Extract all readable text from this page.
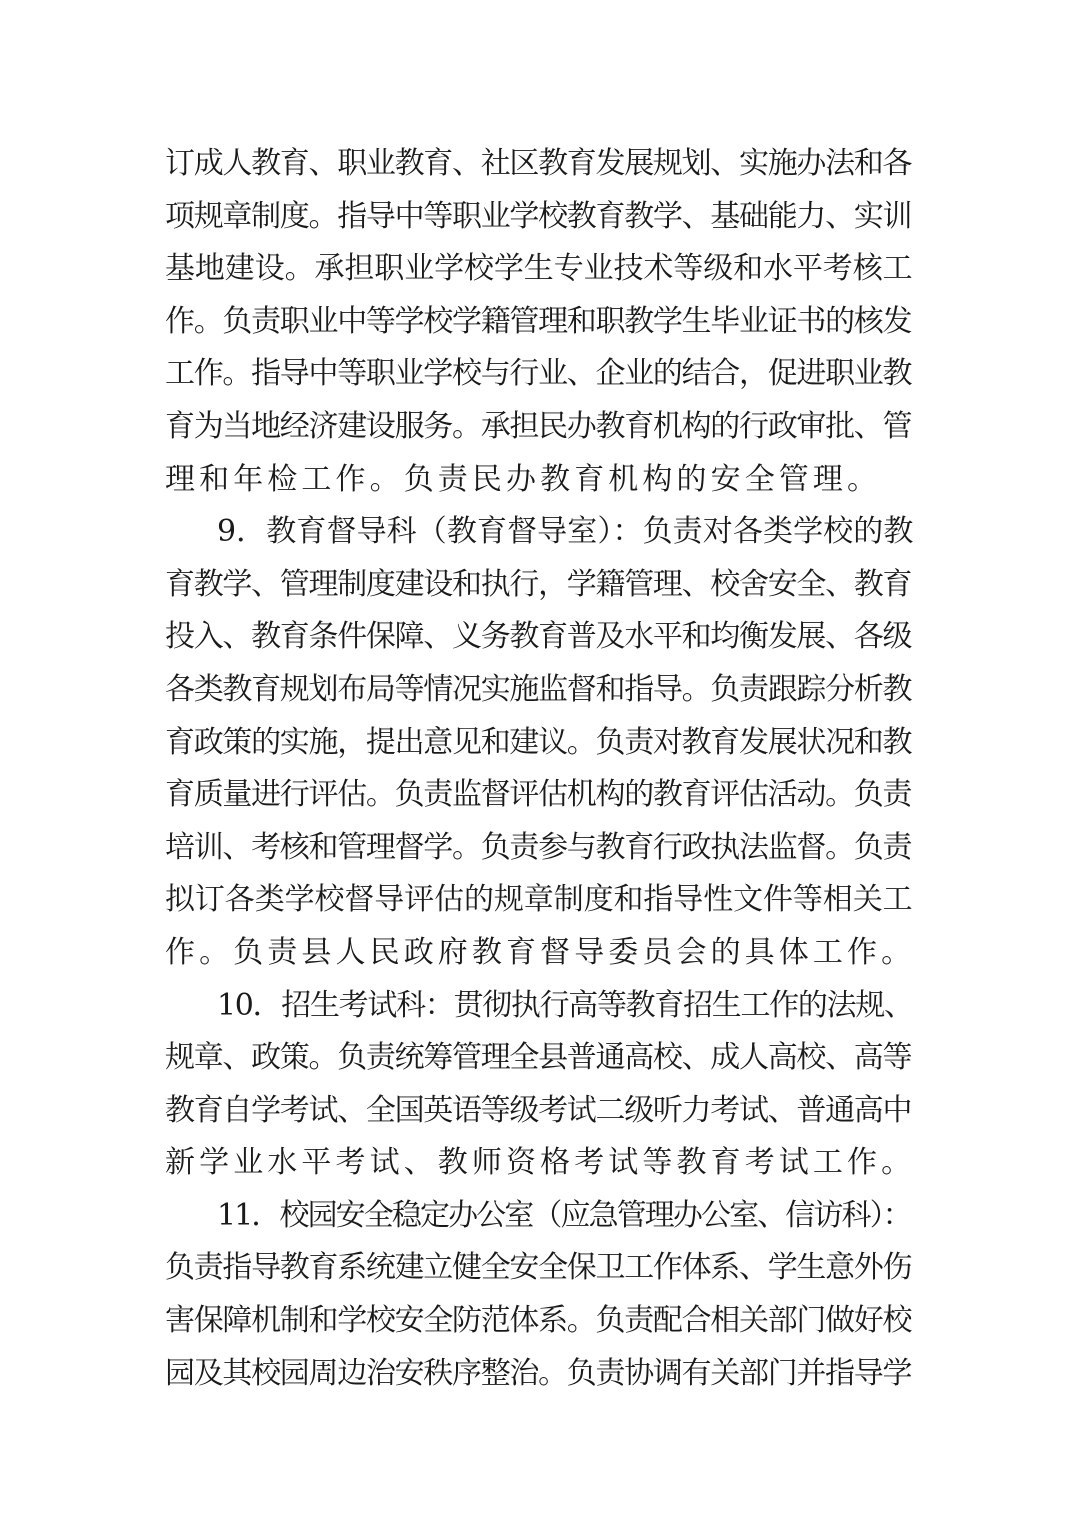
订成人教育、职业教育、社区教育发展规划、实施办法和各
项规章制度。指导中等职业学校教育教学、基础能力、实训
基地建设。承担职业学校学生专业技术等级和水平考核工
作。负责职业中等学校学籍管理和职教学生毕业证书的核发
工作。指导中等职业学校与行业、企业的结合，促进职业教
育为当地经济建设服务。承担民办教育机构的行政审批、管
理和年检工作。负责民办教育机构的安全管理。
9．教育督导科（教育督导室）：负责对各类学校的教
育教学、管理制度建设和执行，学籍管理、校舍安全、教育
投入、教育条件保障、义务教育普及水平和均衡发展、各级
各类教育规划布局等情况实施监督和指导。负责跟踪分析教
育政策的实施，提出意见和建议。负责对教育发展状况和教
育质量进行评估。负责监督评估机构的教育评估活动。负责
培训、考核和管理督学。负责参与教育行政执法监督。负责
拟订各类学校督导评估的规章制度和指导性文件等相关工
作。负责县人民政府教育督导委员会的具体工作。
10．招生考试科：贯彻执行高等教育招生工作的法规、
规章、政策。负责统筹管理全县普通高校、成人高校、高等
教育自学考试、全国英语等级考试二级听力考试、普通高中
新学业水平考试、教师资格考试等教育考试工作。
11．校园安全稳定办公室（应急管理办公室、信访科）：
负责指导教育系统建立健全安全保卫工作体系、学生意外伤
害保障机制和学校安全防范体系。负责配合相关部门做好校
园及其校园周边治安秩序整治。负责协调有关部门并指导学
